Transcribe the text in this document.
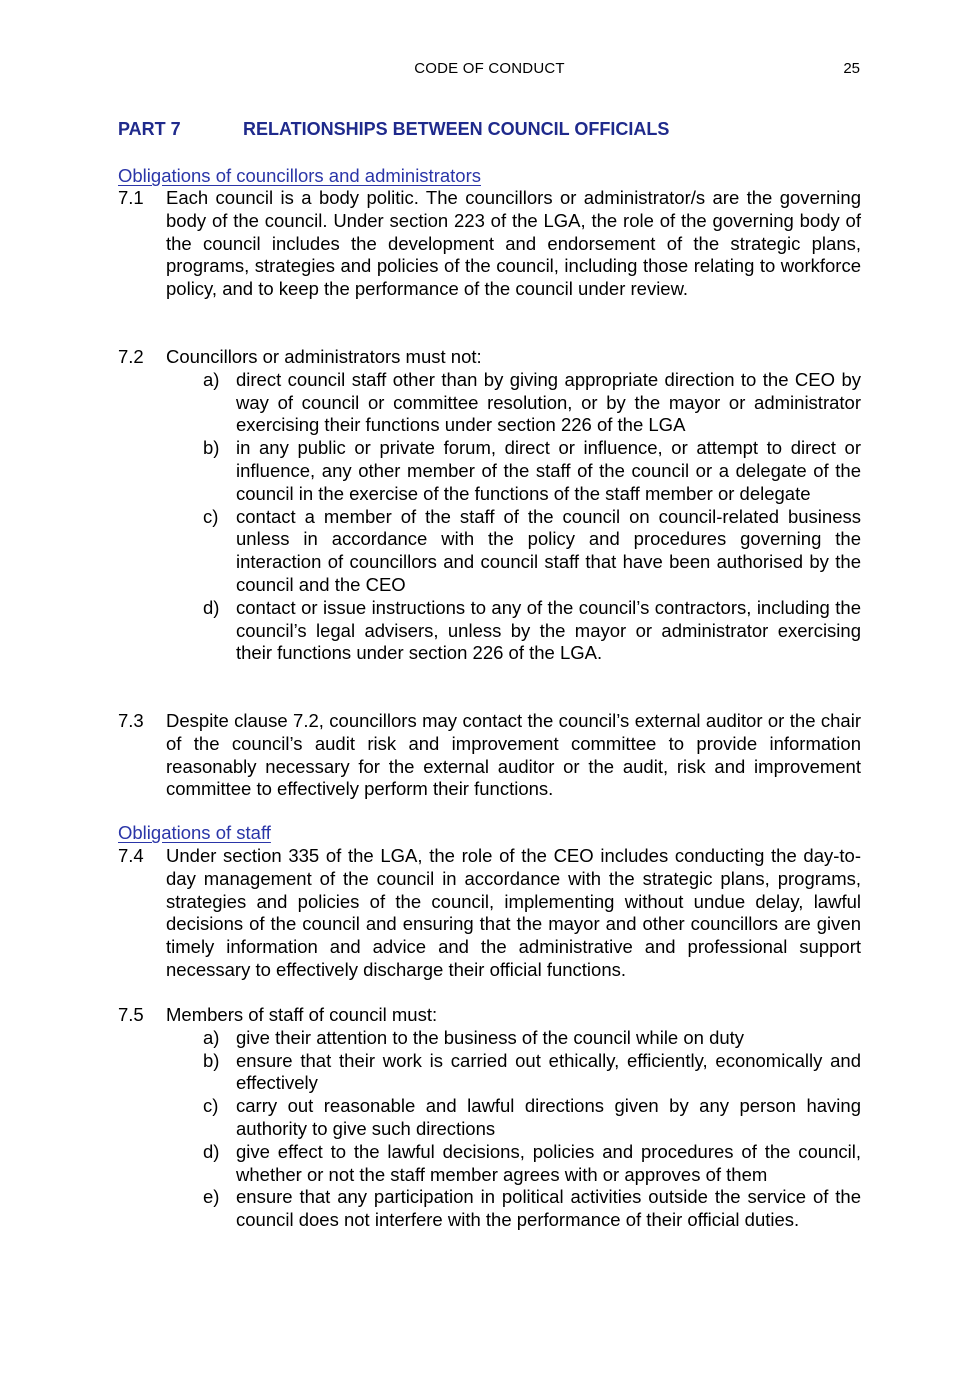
CODE OF CONDUCT	25
PART 7	RELATIONSHIPS BETWEEN COUNCIL OFFICIALS
Obligations of councillors and administrators
7.1	Each council is a body politic. The councillors or administrator/s are the governing body of the council. Under section 223 of the LGA, the role of the governing body of the council includes the development and endorsement of the strategic plans, programs, strategies and policies of the council, including those relating to workforce policy, and to keep the performance of the council under review.
7.2	Councillors or administrators must not:
a) direct council staff other than by giving appropriate direction to the CEO by way of council or committee resolution, or by the mayor or administrator exercising their functions under section 226 of the LGA
b) in any public or private forum, direct or influence, or attempt to direct or influence, any other member of the staff of the council or a delegate of the council in the exercise of the functions of the staff member or delegate
c) contact a member of the staff of the council on council-related business unless in accordance with the policy and procedures governing the interaction of councillors and council staff that have been authorised by the council and the CEO
d) contact or issue instructions to any of the council’s contractors, including the council’s legal advisers, unless by the mayor or administrator exercising their functions under section 226 of the LGA.
7.3	Despite clause 7.2, councillors may contact the council’s external auditor or the chair of the council’s audit risk and improvement committee to provide information reasonably necessary for the external auditor or the audit, risk and improvement committee to effectively perform their functions.
Obligations of staff
7.4	Under section 335 of the LGA, the role of the CEO includes conducting the day-to-day management of the council in accordance with the strategic plans, programs, strategies and policies of the council, implementing without undue delay, lawful decisions of the council and ensuring that the mayor and other councillors are given timely information and advice and the administrative and professional support necessary to effectively discharge their official functions.
7.5	Members of staff of council must:
a) give their attention to the business of the council while on duty
b) ensure that their work is carried out ethically, efficiently, economically and effectively
c) carry out reasonable and lawful directions given by any person having authority to give such directions
d) give effect to the lawful decisions, policies and procedures of the council, whether or not the staff member agrees with or approves of them
e) ensure that any participation in political activities outside the service of the council does not interfere with the performance of their official duties.
